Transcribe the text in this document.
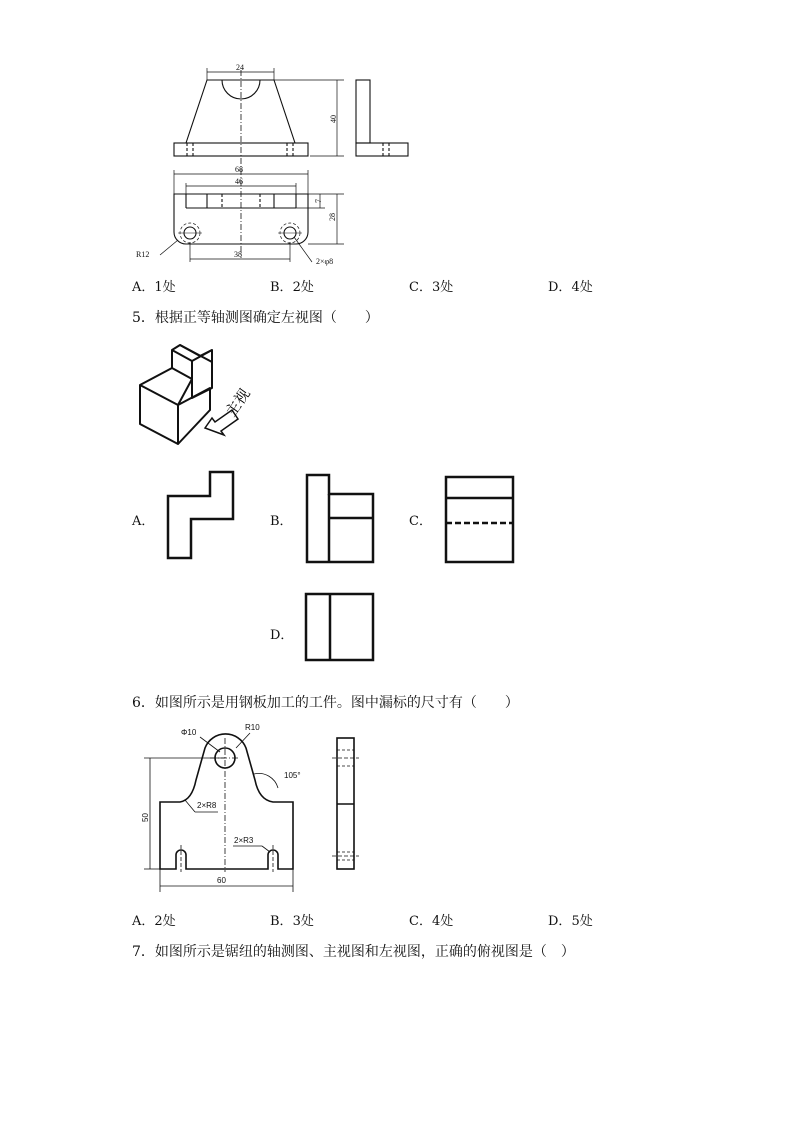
24
40
68
46
7
28
R12	38
2×φ8
A．1处	B．2处	C．3处	D．4处
5．根据正等轴测图确定左视图（　　）
主视
A．	B．	C．
D．
6．如图所示是用钢板加工的工件。图中漏标的尺寸有（　　）
Φ10
R10
105°
2×R8
2×R3
50
60
A．2处	B．3处	C．4处	D．5处
7．如图所示是锯纽的轴测图、主视图和左视图，正确的俯视图是（　）
